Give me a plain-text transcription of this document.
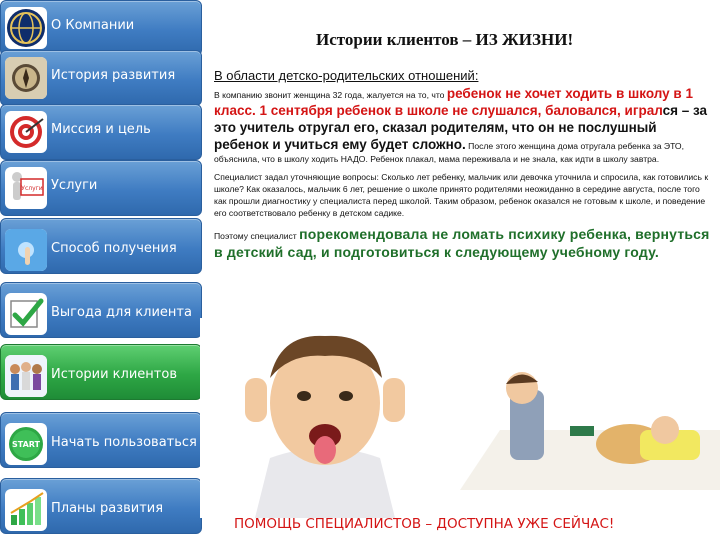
О Компании
История развития
Миссия и цель
Услуги Услуги
Способ получения
Выгода для клиента
Истории клиентов
START Начать пользоваться
Планы развития
Истории клиентов – ИЗ ЖИЗНИ!
В области детско-родительских отношений:

В компанию звонит женщина 32 года, жалуется на то, что ребенок не хочет ходить в школу в 1 класс. 1 сентября ребенок в школе не слушался, баловался, игрался – за это учитель отругал его, сказал родителям, что он не послушный ребенок и учиться ему будет сложно. После этого женщина дома отругала ребенка за ЭТО, объяснила, что в школу ходить НАДО. Ребенок плакал, мама переживала и не знала, как идти в школу завтра.

Специалист задал уточняющие вопросы: Сколько лет ребенку, мальчик или девочка уточнила и спросила, как готовились к школе? Как оказалось, мальчик 6 лет, решение о школе принято родителями неожиданно в середине августа, после того как прошли диагностику у специалиста перед школой. Таким образом, ребенок оказался не готовым к школе, и поведение его соответствовало ребенку в детском садике.

Поэтому специалист порекомендовала не ломать психику ребенка, вернуться в детский сад, и подготовиться к следующему учебному году.

ПОМОЩЬ СПЕЦИАЛИСТОВ – ДОСТУПНА УЖЕ СЕЙЧАС!
